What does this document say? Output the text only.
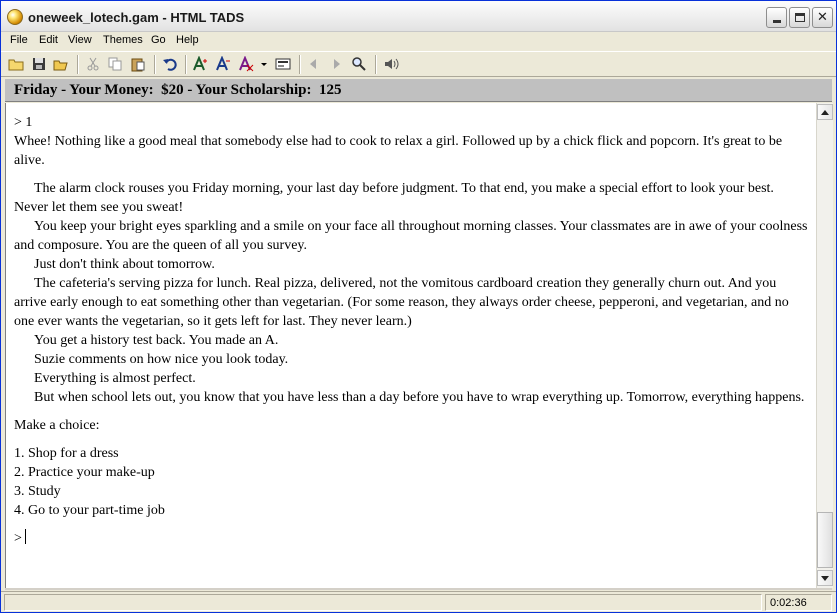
oneweek_lotech.gam - HTML TADS	✕
File Edit View Themes Go Help
Friday - Your Money:  $20 - Your Scholarship:  125

> 1

Whee! Nothing like a good meal that somebody else had to cook to relax a girl. Followed up by a chick flick and popcorn. It's great to be alive.

The alarm clock rouses you Friday morning, your last day before judgment. To that end, you make a special effort to look your best. Never let them see you sweat!

You keep your bright eyes sparkling and a smile on your face all throughout morning classes. Your classmates are in awe of your coolness and composure. You are the queen of all you survey.

Just don't think about tomorrow.

The cafeteria's serving pizza for lunch. Real pizza, delivered, not the vomitous cardboard creation they generally churn out. And you arrive early enough to eat something other than vegetarian. (For some reason, they always order cheese, pepperoni, and vegetarian, and no one ever wants the vegetarian, so it gets left for last. They never learn.)

You get a history test back. You made an A.

Suzie comments on how nice you look today.

Everything is almost perfect.

But when school lets out, you know that you have less than a day before you have to wrap everything up. Tomorrow, everything happens.

Make a choice:

1. Shop for a dress

2. Practice your make-up

3. Study

4. Go to your part-time job

>

0:02:36
